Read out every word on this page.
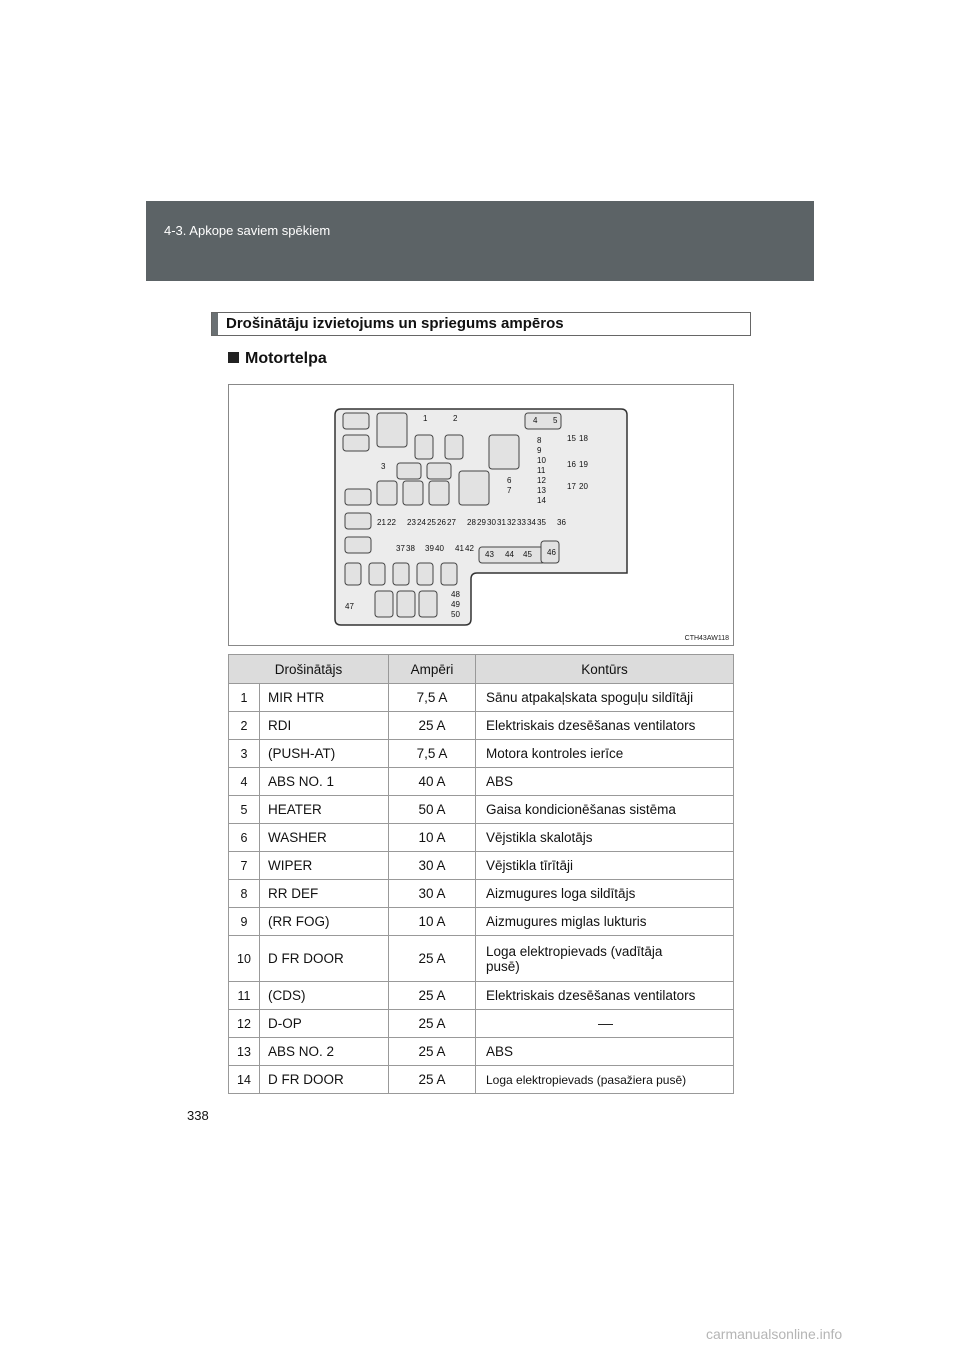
4-3. Apkope saviem spēkiem
Drošinātāju izvietojums un spriegums ampēros
Motortelpa
1	2
3
4 5
6
7
8
9
10
11
12
13
14
15
16
17
18
19
20
21 22 23 24 25 26 27 28 29 30 31 32 33 34 35 36
37 38 39 40 41 42
43 44 45 46
47
48
49
50
CTH43AW118
Drošinātājs		Ampēri	Kontūrs
1	MIR HTR	7,5 A	Sānu atpakaļskata spoguļu sildītāji
2	RDI	25 A	Elektriskais dzesēšanas ventilators
3	(PUSH-AT)	7,5 A	Motora kontroles ierīce
4	ABS NO. 1	40 A	ABS
5	HEATER	50 A	Gaisa kondicionēšanas sistēma
6	WASHER	10 A	Vējstikla skalotājs
7	WIPER	30 A	Vējstikla tīrītāji
8	RR DEF	30 A	Aizmugures loga sildītājs
9	(RR FOG)	10 A	Aizmugures miglas lukturis
10	D FR DOOR	25 A	Loga elektropievads (vadītāja pusē)
11	(CDS)	25 A	Elektriskais dzesēšanas ventilators
12	D-OP	25 A	––
13	ABS NO. 2	25 A	ABS
14	D FR DOOR	25 A	Loga elektropievads (pasažiera pusē)
338
carmanualsonline.info
